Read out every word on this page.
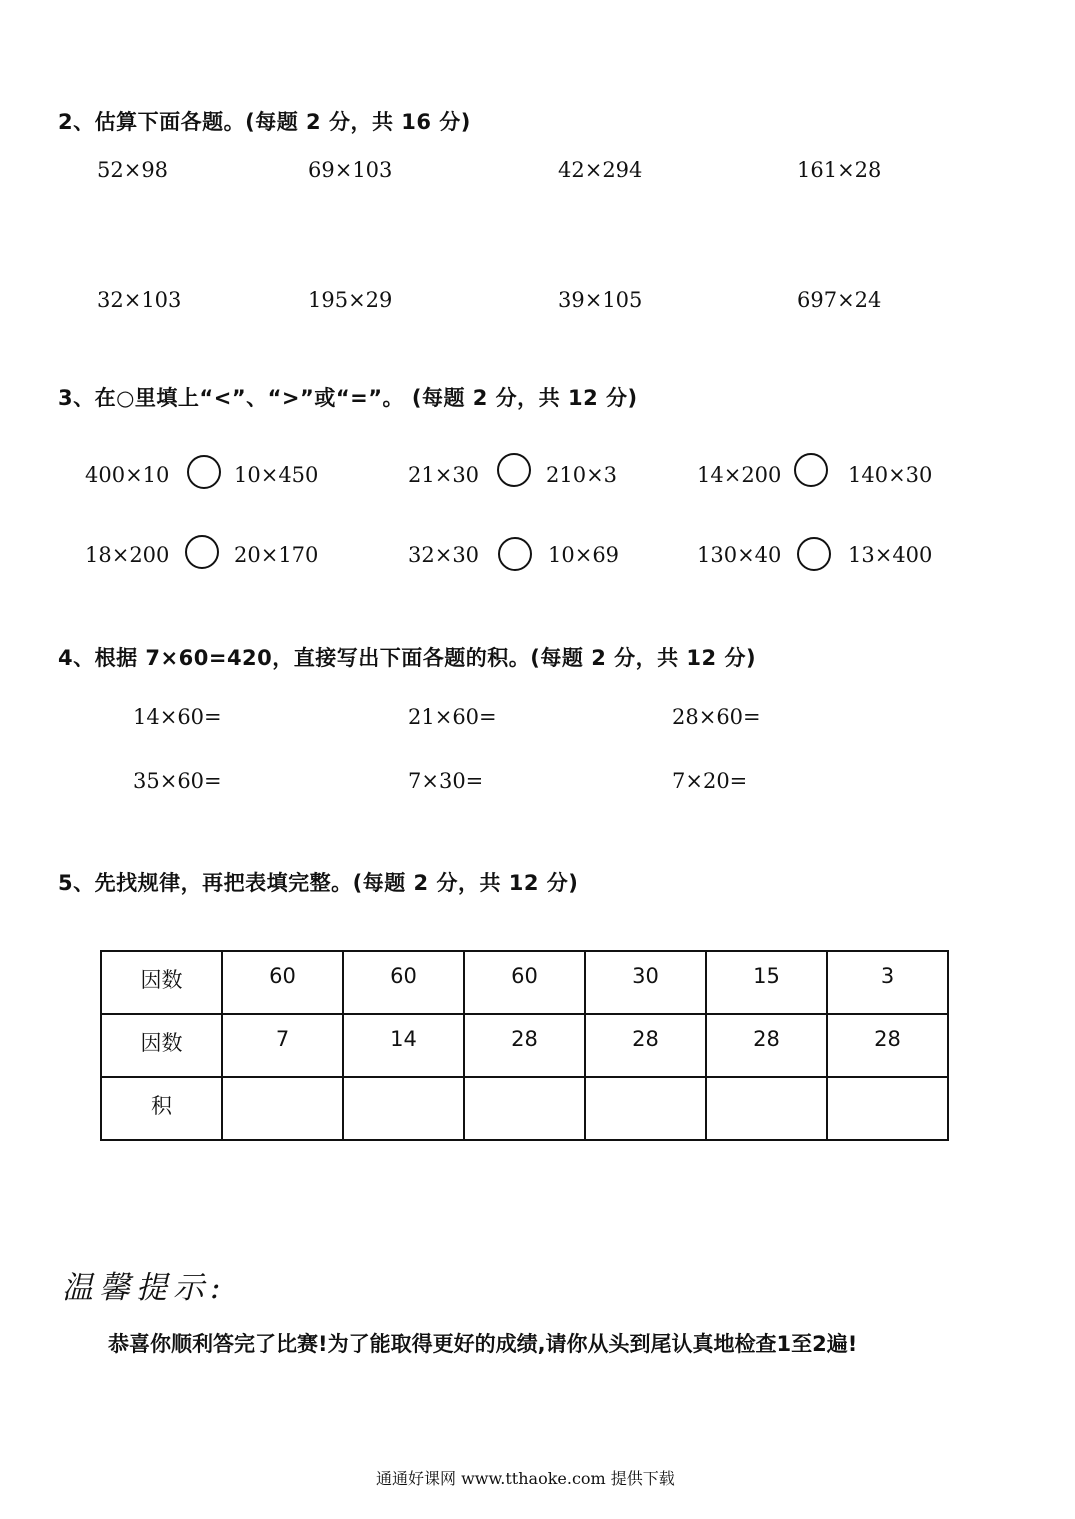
2、估算下面各题。(每题 2 分，共 16 分)
52×98	69×103	42×294	161×28
32×103	195×29	39×105	697×24
3、在○里填上“<”、“>”或“=”。 (每题 2 分，共 12 分)
400×10	10×450	21×30	210×3	14×200	140×30
18×200	20×170	32×30	10×69	130×40	13×400
4、根据 7×60=420，直接写出下面各题的积。(每题 2 分，共 12 分)
14×60=	21×60=	28×60=
35×60=	7×30=	7×20=
5、先找规律，再把表填完整。(每题 2 分，共 12 分)
因数	60	60	60	30	15	3
因数	7	14	28	28	28	28
积						
温馨提示:
恭喜你顺利答完了比赛!为了能取得更好的成绩,请你从头到尾认真地检查1至2遍!
通通好课网 www.tthaoke.com 提供下载
